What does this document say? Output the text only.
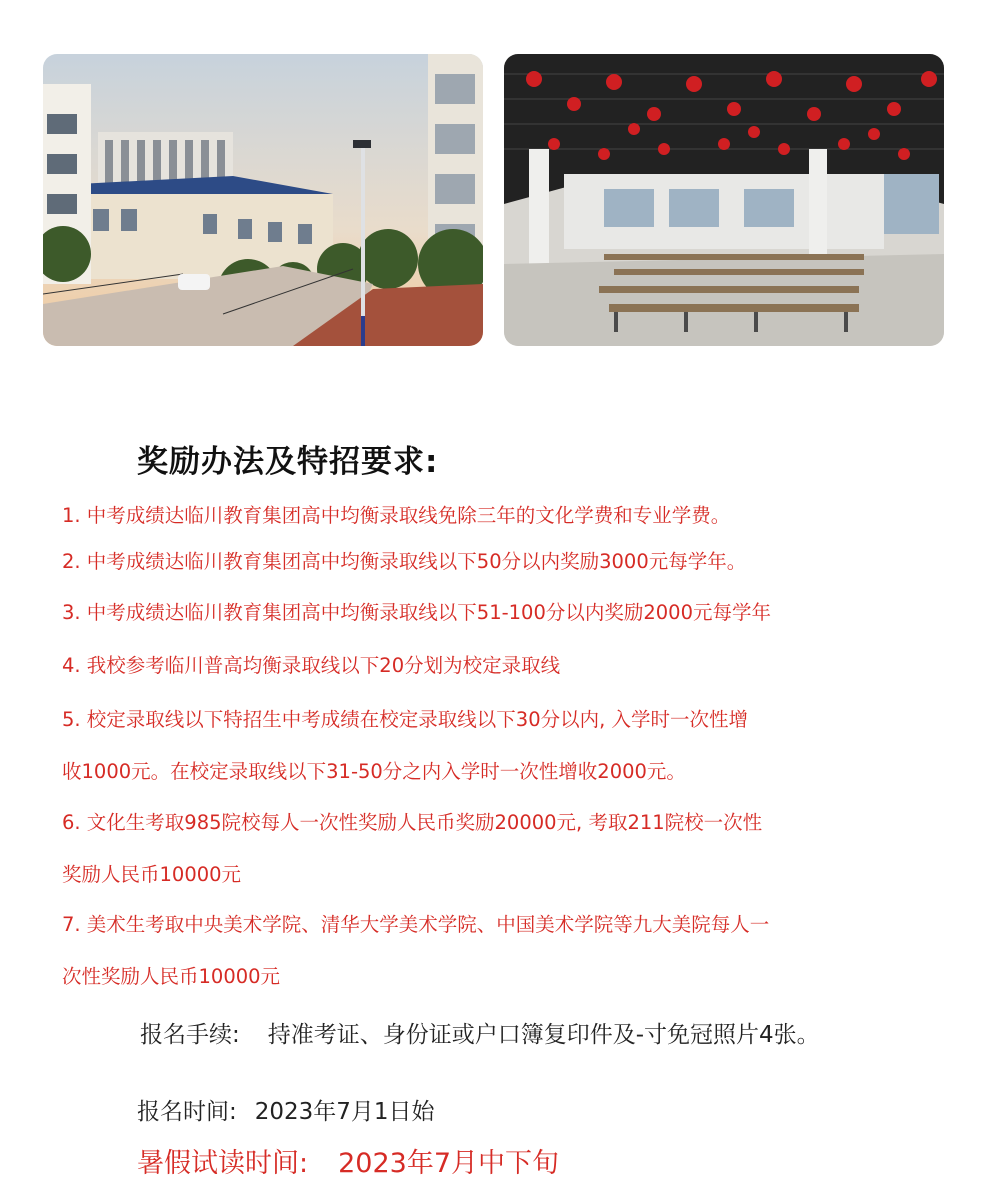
奖励办法及特招要求:
1. 中考成绩达临川教育集团高中均衡录取线免除三年的文化学费和专业学费。
2. 中考成绩达临川教育集团高中均衡录取线以下50分以内奖励3000元每学年。
3. 中考成绩达临川教育集团高中均衡录取线以下51-100分以内奖励2000元每学年
4. 我校参考临川普高均衡录取线以下20分划为校定录取线
5. 校定录取线以下特招生中考成绩在校定录取线以下30分以内, 入学时一次性增
收1000元。在校定录取线以下31-50分之内入学时一次性增收2000元。
6. 文化生考取985院校每人一次性奖励人民币奖励20000元, 考取211院校一次性
奖励人民币10000元
7. 美术生考取中央美术学院、清华大学美术学院、中国美术学院等九大美院每人一
次性奖励人民币10000元
报名手续: 持准考证、身份证或户口簿复印件及-寸免冠照片4张。
报名时间: 2023年7月1日始
暑假试读时间: 2023年7月中下旬
